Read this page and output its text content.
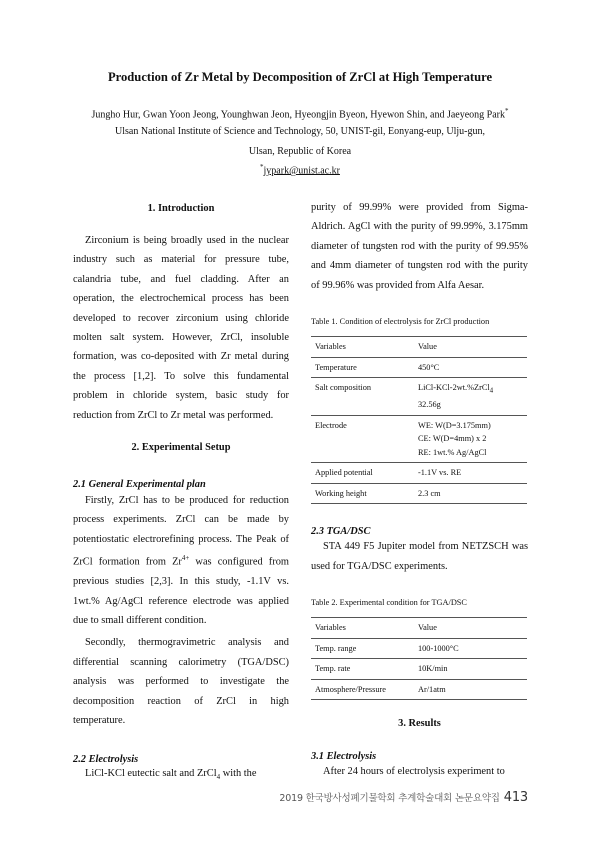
Production of Zr Metal by Decomposition of ZrCl at High Temperature
Jungho Hur, Gwan Yoon Jeong, Younghwan Jeon, Hyeongjin Byeon, Hyewon Shin, and Jaeyeong Park*
Ulsan National Institute of Science and Technology, 50, UNIST-gil, Eonyang-eup, Ulju-gun,
Ulsan, Republic of Korea
*jypark@unist.ac.kr
1. Introduction
Zirconium is being broadly used in the nuclear industry such as material for pressure tube, calandria tube, and fuel cladding. After an operation, the electrochemical process has been developed to recover zirconium using chloride molten salt system. However, ZrCl, insoluble formation, was co-deposited with Zr metal during the process [1,2]. To solve this fundamental problem in chloride system, basic study for reduction from ZrCl to Zr metal was performed.
2. Experimental Setup
2.1 General Experimental plan
Firstly, ZrCl has to be produced for reduction process experiments. ZrCl can be made by potentiostatic electrorefining process. The Peak of ZrCl formation from $Zr^{4+}$ was configured from previous studies [2,3]. In this study, -1.1V vs. 1wt.% Ag/AgCl reference electrode was applied due to small different condition.
Secondly, thermogravimetric analysis and differential scanning calorimetry (TGA/DSC) analysis was performed to investigate the decomposition reaction of ZrCl in high temperature.
2.2 Electrolysis
LiCl-KCl eutectic salt and ZrCl$_4$ with the
purity of 99.99% were provided from Sigma-Aldrich. AgCl with the purity of 99.99%, 3.175mm diameter of tungsten rod with the purity of 99.95% and 4mm diameter of tungsten rod with the purity of 99.96% was provided from Alfa Aesar.
Table 1. Condition of electrolysis for ZrCl production
Variables	Value
Temperature	450°C
Salt composition	LiCl-KCl-2wt.%ZrCl$_4$
32.56g
Electrode	WE: W(D=3.175mm)
CE: W(D=4mm) x 2
RE: 1wt.% Ag/AgCl
Applied potential	-1.1V vs. RE
Working height	2.3 cm
2.3 TGA/DSC
STA 449 F5 Jupiter model from NETZSCH was used for TGA/DSC experiments.
Table 2. Experimental condition for TGA/DSC
Variables	Value
Temp. range	100-1000°C
Temp. rate	10K/min
Atmosphere/Pressure	Ar/1atm
3. Results
3.1 Electrolysis
After 24 hours of electrolysis experiment to
2019 한국방사성폐기물학회 추계학술대회 논문요약집 413
